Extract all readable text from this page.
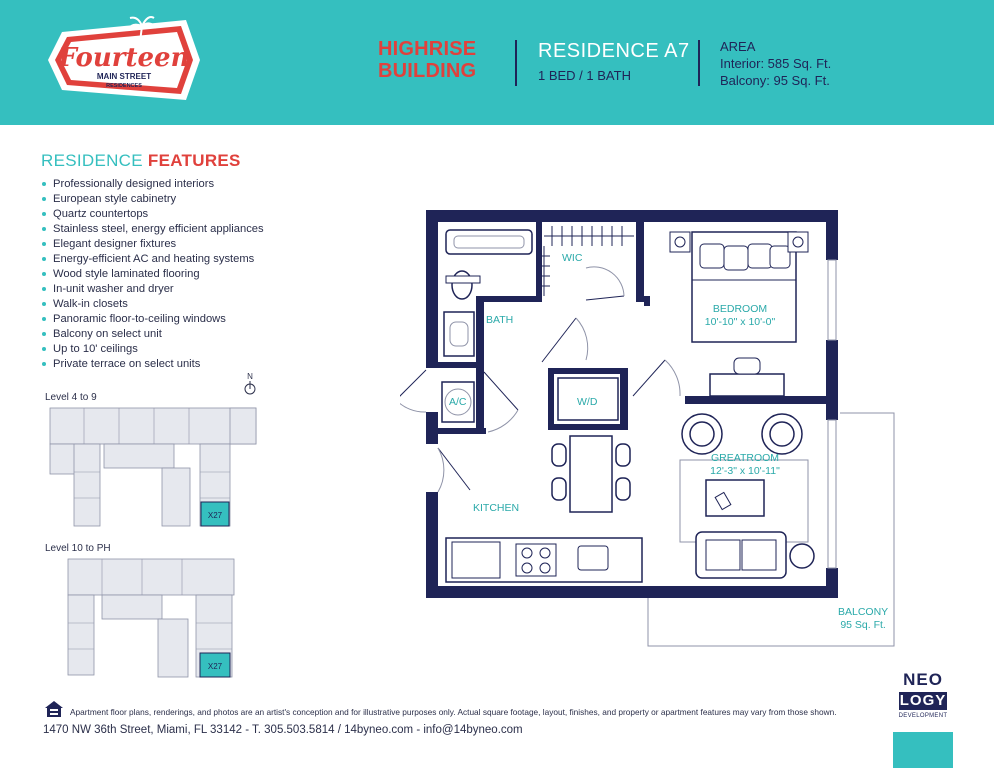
Fourteen
MAIN STREET
RESIDENCES
HIGHRISE
BUILDING
RESIDENCE A7
1 BED / 1 BATH
AREA
Interior: 585 Sq. Ft.
Balcony: 95 Sq. Ft.
RESIDENCE FEATURES
Professionally designed interiors
European style cabinetry
Quartz countertops
Stainless steel, energy efficient appliances
Elegant designer fixtures
Energy-efficient AC and heating systems
Wood style laminated flooring
In-unit washer and dryer
Walk-in closets
Panoramic floor-to-ceiling windows
Balcony on select unit
Up to 10' ceilings
Private terrace on select units
N
Level 4 to 9
X27
Level 10 to PH
X27
WIC
BATH
A/C	W/D
KITCHEN
BEDROOM
10'-10" x 10'-0"
GREATROOM
12'-3" x 10'-11"
BALCONY
95 Sq. Ft.
Apartment floor plans, renderings, and photos are an artist's conception and for illustrative purposes only. Actual square footage, layout, finishes, and property or apartment features may vary from those shown.
1470 NW 36th Street, Miami, FL 33142 - T. 305.503.5814 / 14byneo.com - info@14byneo.com
NEO
LOGY
DEVELOPMENT
